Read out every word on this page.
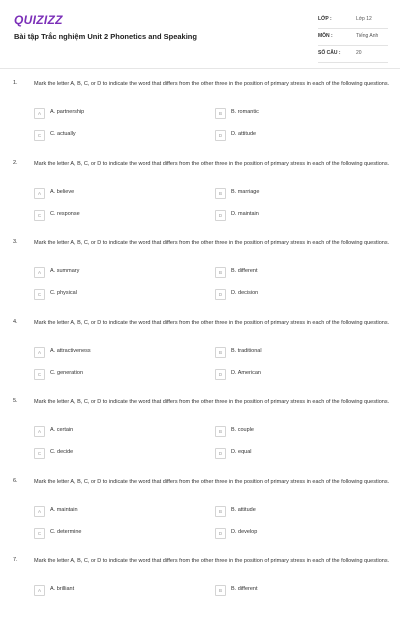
QUIZIZZ
Bài tập Trắc nghiệm Unit 2 Phonetics and Speaking
LỚP :	Lớp 12
MÔN :	Tiếng Anh
SỐ CÂU :	20
1.	Mark the letter A, B, C, or D to indicate the word that differs from the other three in the position of primary stress in each of the following questions.
A	A. partnership	B	B. romantic
C	C. actually	D	D. attitude
2.	Mark the letter A, B, C, or D to indicate the word that differs from the other three in the position of primary stress in each of the following questions.
A	A. believe	B	B. marriage
C	C. response	D	D. maintain
3.	Mark the letter A, B, C, or D to indicate the word that differs from the other three in the position of primary stress in each of the following questions.
A	A. summary	B	B. different
C	C. physical	D	D. decision
4.	Mark the letter A, B, C, or D to indicate the word that differs from the other three in the position of primary stress in each of the following questions.
A	A. attractiveness	B	B. traditional
C	C. generation	D	D. American
5.	Mark the letter A, B, C, or D to indicate the word that differs from the other three in the position of primary stress in each of the following questions.
A	A. certain	B	B. couple
C	C. decide	D	D. equal
6.	Mark the letter A, B, C, or D to indicate the word that differs from the other three in the position of primary stress in each of the following questions.
A	A. maintain	B	B. attitude
C	C. determine	D	D. develop
7.	Mark the letter A, B, C, or D to indicate the word that differs from the other three in the position of primary stress in each of the following questions.
A	A. brilliant	B	B. different
